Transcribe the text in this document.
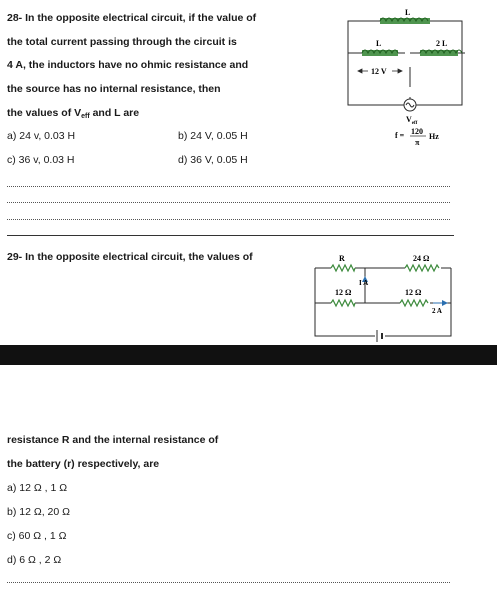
28- In the opposite electrical circuit, if the value of
the total current passing through the circuit is
4 A, the inductors have no ohmic resistance and
the source has no internal resistance, then
the values of $V_{eff}$ and L are
a) 24 v, 0.03 H	b) 24 V, 0.05 H
c) 36 v, 0.03 H	d) 36 V, 0.05 H
L
L	2 L
12 V
$V_{eff}$
f = 120
π
Hz
29- In the opposite electrical circuit, the values of	R	24 Ω
12 Ω	12 Ω
I A
2 A
resistance R and the internal resistance of
the battery (r) respectively, are
a) 12 Ω , 1 Ω
b) 12 Ω, 20 Ω
c) 60 Ω , 1 Ω
d) 6 Ω , 2 Ω
